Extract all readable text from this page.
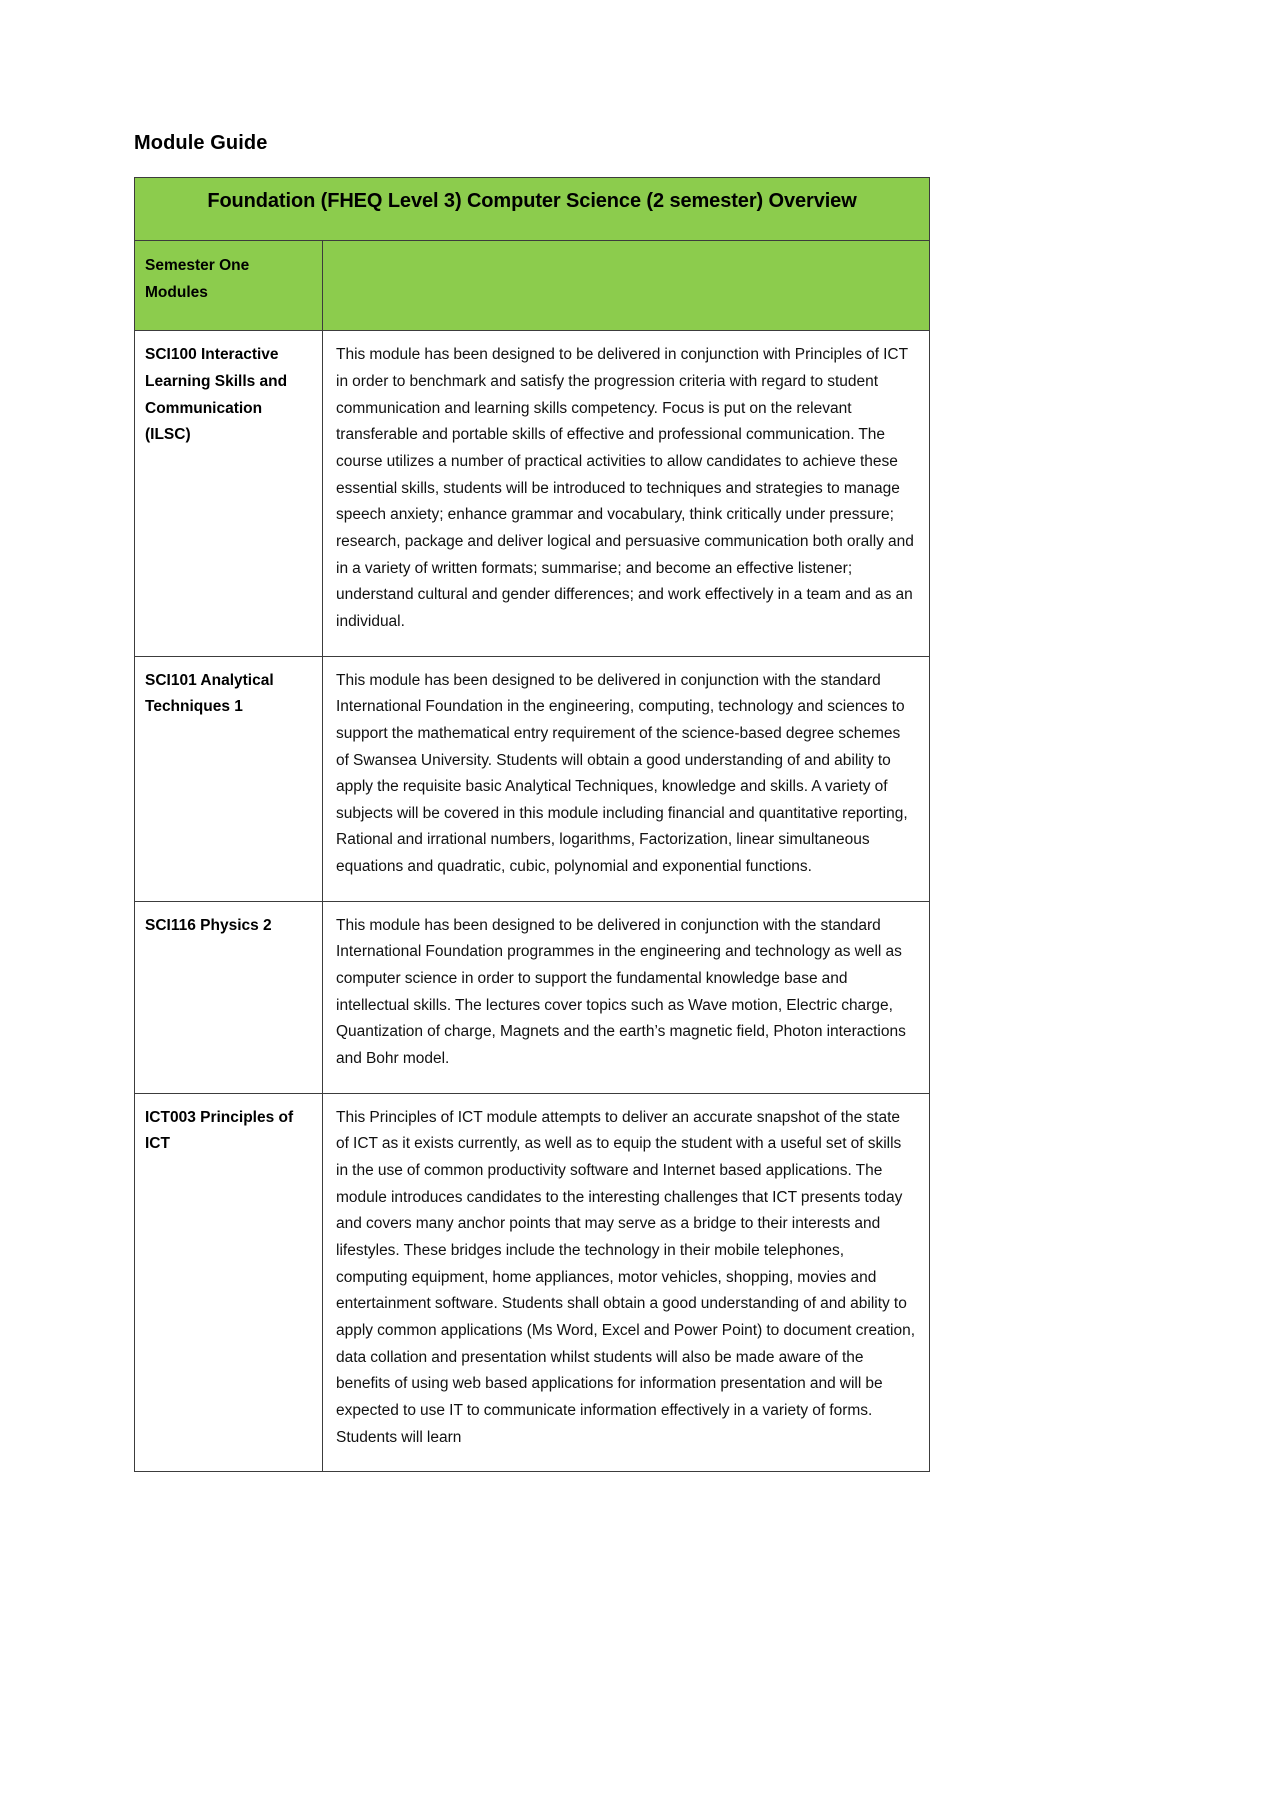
Module Guide
Foundation (FHEQ Level 3) Computer Science (2 semester) Overview	

Semester One Modules	

SCI100 Interactive Learning Skills and Communication (ILSC)	This module has been designed to be delivered in conjunction with Principles of ICT in order to benchmark and satisfy the progression criteria with regard to student communication and learning skills competency. Focus is put on the relevant transferable and portable skills of effective and professional communication. The course utilizes a number of practical activities to allow candidates to achieve these essential skills, students will be introduced to techniques and strategies to manage speech anxiety; enhance grammar and vocabulary, think critically under pressure; research, package and deliver logical and persuasive communication both orally and in a variety of written formats; summarise; and become an effective listener; understand cultural and gender differences; and work effectively in a team and as an individual.

SCI101 Analytical Techniques 1	This module has been designed to be delivered in conjunction with the standard International Foundation in the engineering, computing, technology and sciences to support the mathematical entry requirement of the science-based degree schemes of Swansea University. Students will obtain a good understanding of and ability to apply the requisite basic Analytical Techniques, knowledge and skills. A variety of subjects will be covered in this module including financial and quantitative reporting, Rational and irrational numbers, logarithms, Factorization, linear simultaneous equations and quadratic, cubic, polynomial and exponential functions.

SCI116 Physics 2	This module has been designed to be delivered in conjunction with the standard International Foundation programmes in the engineering and technology as well as computer science in order to support the fundamental knowledge base and intellectual skills. The lectures cover topics such as Wave motion, Electric charge, Quantization of charge, Magnets and the earth’s magnetic field, Photon interactions and Bohr model.

ICT003 Principles of ICT	This Principles of ICT module attempts to deliver an accurate snapshot of the state of ICT as it exists currently, as well as to equip the student with a useful set of skills in the use of common productivity software and Internet based applications. The module introduces candidates to the interesting challenges that ICT presents today and covers many anchor points that may serve as a bridge to their interests and lifestyles. These bridges include the technology in their mobile telephones, computing equipment, home appliances, motor vehicles, shopping, movies and entertainment software. Students shall obtain a good understanding of and ability to apply common applications (Ms Word, Excel and Power Point) to document creation, data collation and presentation whilst students will also be made aware of the benefits of using web based applications for information presentation and will be expected to use IT to communicate information effectively in a variety of forms. Students will learn
